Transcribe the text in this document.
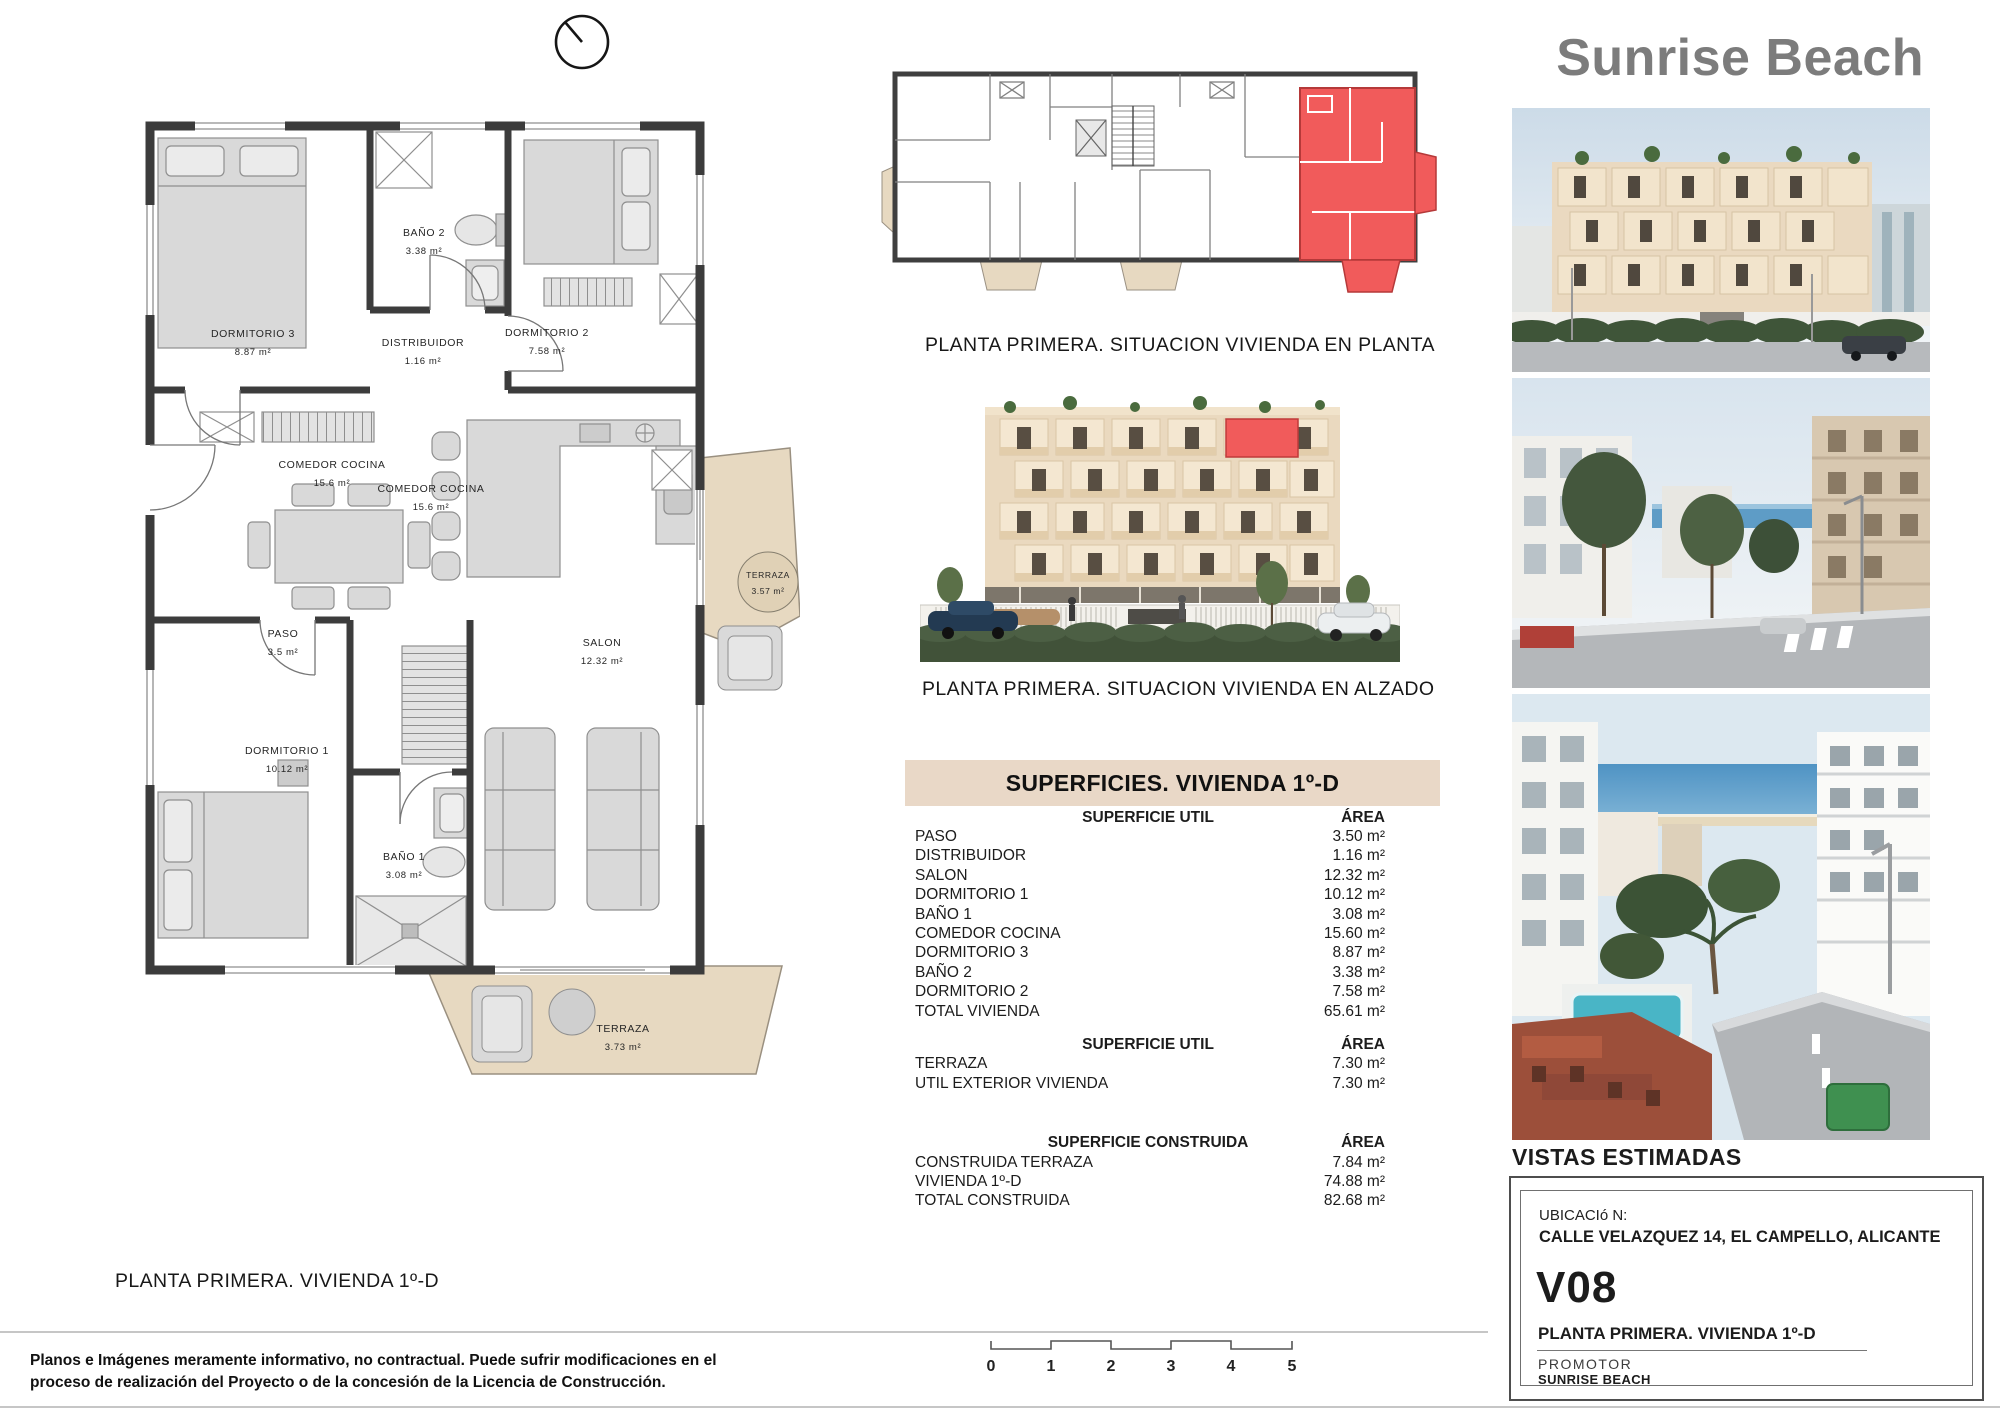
DORMITORIO 3
8.87 m²
BAÑO 2
3.38 m²
DISTRIBUIDOR
1.16 m²
DORMITORIO 2
7.58 m²
COMEDOR COCINA
15.6 m²	COMEDOR COCINA
15.6 m²
PASO
3.5 m²
SALON
12.32 m²
DORMITORIO 1
10.12 m²
BAÑO 1
3.08 m²
TERRAZA
3.57 m²
TERRAZA
3.73 m²
PLANTA PRIMERA. VIVIENDA 1º-D
PLANTA PRIMERA. SITUACION VIVIENDA EN PLANTA
PLANTA PRIMERA. SITUACION VIVIENDA EN ALZADO
SUPERFICIES. VIVIENDA 1º-D
SUPERFICIE UTIL	ÁREA
PASO	3.50 m²
DISTRIBUIDOR	1.16 m²
SALON	12.32 m²
DORMITORIO 1	10.12 m²
BAÑO 1	3.08 m²
COMEDOR COCINA	15.60 m²
DORMITORIO 3	8.87 m²
BAÑO 2	3.38 m²
DORMITORIO 2	7.58 m²
TOTAL VIVIENDA	65.61 m²
SUPERFICIE UTIL	ÁREA
TERRAZA	7.30 m²
UTIL EXTERIOR VIVIENDA	7.30 m²
SUPERFICIE CONSTRUIDA	ÁREA
CONSTRUIDA TERRAZA	7.84 m²
VIVIENDA 1º-D	74.88 m²
TOTAL CONSTRUIDA	82.68 m²
0	1	2	3	4	5
Sunrise Beach
VISTAS ESTIMADAS
UBICACIó N:
CALLE VELAZQUEZ 14, EL CAMPELLO, ALICANTE
V08
PLANTA PRIMERA. VIVIENDA 1º-D
PROMOTOR
SUNRISE BEACH
Planos e Imágenes meramente informativo, no contractual. Puede sufrir modificaciones en el proceso de realización del Proyecto o de la concesión de la Licencia de Construcción.
